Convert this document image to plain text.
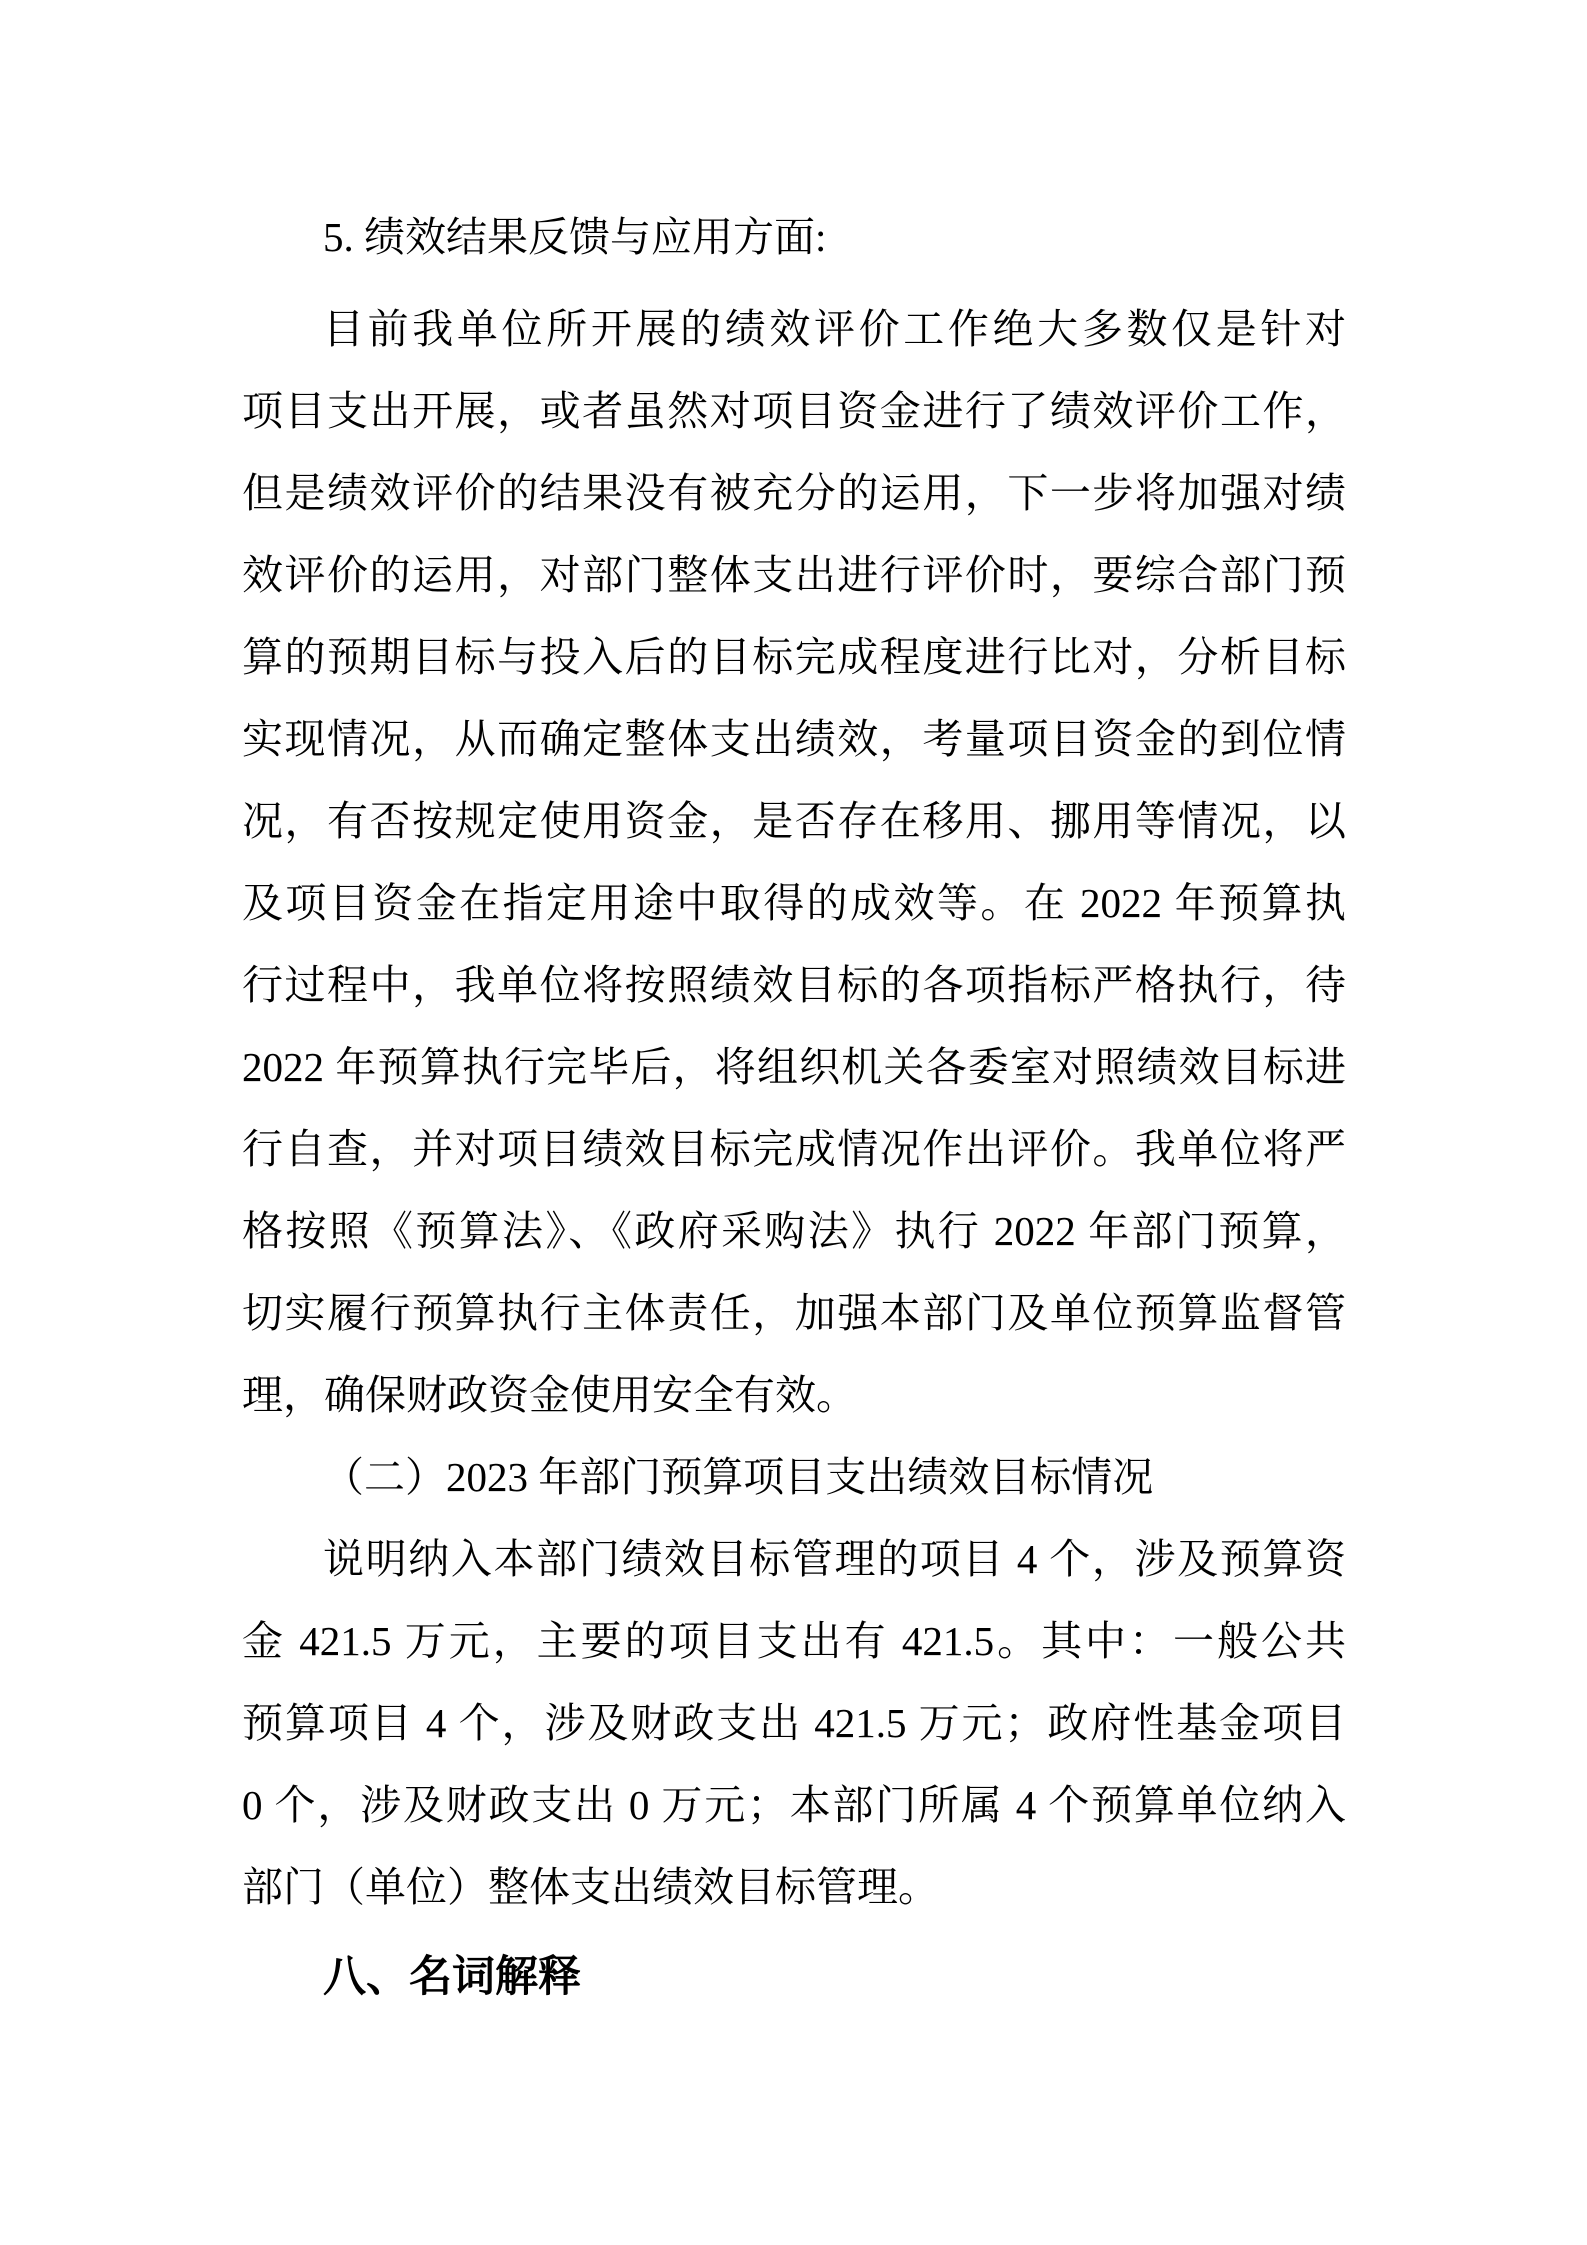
5. 绩效结果反馈与应用方面:
目前我单位所开展的绩效评价工作绝大多数仅是针对
项目支出开展，或者虽然对项目资金进行了绩效评价工作，
但是绩效评价的结果没有被充分的运用，下一步将加强对绩
效评价的运用，对部门整体支出进行评价时，要综合部门预
算的预期目标与投入后的目标完成程度进行比对，分析目标
实现情况，从而确定整体支出绩效，考量项目资金的到位情
况，有否按规定使用资金，是否存在移用、挪用等情况，以
及项目资金在指定用途中取得的成效等。在 2022 年预算执
行过程中，我单位将按照绩效目标的各项指标严格执行，待
2022 年预算执行完毕后，将组织机关各委室对照绩效目标进
行自查，并对项目绩效目标完成情况作出评价。我单位将严
格按照《预算法》、《政府采购法》执行 2022 年部门预算，
切实履行预算执行主体责任，加强本部门及单位预算监督管
理，确保财政资金使用安全有效。
（二）2023 年部门预算项目支出绩效目标情况
说明纳入本部门绩效目标管理的项目 4 个，涉及预算资
金 421.5 万元，主要的项目支出有 421.5。其中：一般公共
预算项目 4 个，涉及财政支出 421.5 万元；政府性基金项目
0 个，涉及财政支出 0 万元；本部门所属 4 个预算单位纳入
部门（单位）整体支出绩效目标管理。
八、名词解释
